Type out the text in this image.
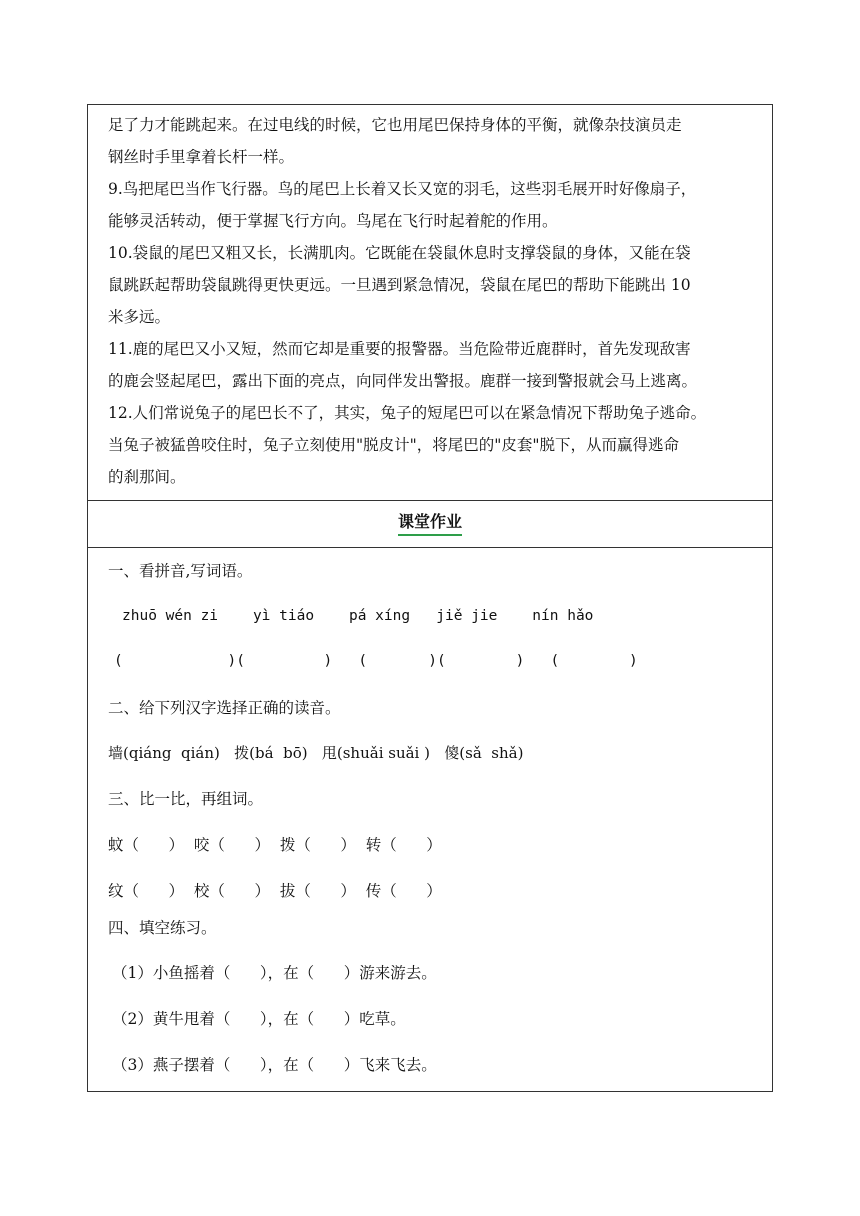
足了力才能跳起来。在过电线的时候，它也用尾巴保持身体的平衡，就像杂技演员走
钢丝时手里拿着长杆一样。
9.鸟把尾巴当作飞行器。鸟的尾巴上长着又长又宽的羽毛，这些羽毛展开时好像扇子，
能够灵活转动，便于掌握飞行方向。鸟尾在飞行时起着舵的作用。
10.袋鼠的尾巴又粗又长，长满肌肉。它既能在袋鼠休息时支撑袋鼠的身体，又能在袋
鼠跳跃起帮助袋鼠跳得更快更远。一旦遇到紧急情况，袋鼠在尾巴的帮助下能跳出 10
米多远。
11.鹿的尾巴又小又短，然而它却是重要的报警器。当危险带近鹿群时，首先发现敌害
的鹿会竖起尾巴，露出下面的亮点，向同伴发出警报。鹿群一接到警报就会马上逃离。
12.人们常说兔子的尾巴长不了，其实，兔子的短尾巴可以在紧急情况下帮助兔子逃命。
当兔子被猛兽咬住时，兔子立刻使用"脱皮计"，将尾巴的"皮套"脱下，从而赢得逃命
的刹那间。
课堂作业
一、看拼音,写词语。
zhuō wén zi    yì tiáo    pá xíng   jiě jie    nín hǎo
(            )(         )   (       )(        )   (        )
二、给下列汉字选择正确的读音。
墙(qiáng  qián)   拨(bá  bō)   甩(shuǎi suǎi )   傻(sǎ  shǎ)
三、比一比，再组词。
蚊（      ）  咬（      ）  拨（      ）  转（      ）
纹（      ）  校（      ）  拔（      ）  传（      ）
四、填空练习。
（1）小鱼摇着（      ），在（      ）游来游去。
（2）黄牛甩着（      ），在（      ）吃草。
（3）燕子摆着（      ），在（      ）飞来飞去。
